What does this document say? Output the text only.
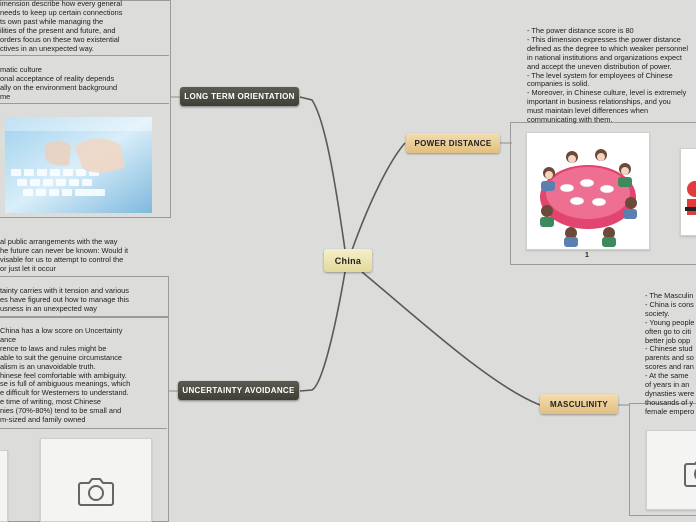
imension describe how every general
needs to keep up certain connections
ts own past while managing the
ilities of the present and future, and
orders focus on these two existential
ctives in an unexpected way.
matic culture
onal acceptance of reality depends
ally on the environment background
me
al public arrangements with the way
he future can never be known: Would it
visable for us to attempt to control the
or just let it occur
tainty carries with it tension and various
es have figured out how to manage this
usness in an unexpected way
China has a low score on Uncertainty
ance
rence to laws and rules might be
able to suit the genuine circumstance
alism is an unavoidable truth.
hinese feel comfortable with ambiguity.
se is full of ambiguous meanings, which
e difficult for Westerners to understand.
e time of writing, most Chinese
nies (70%-80%) tend to be small and
m-sized and family owned
- The power distance score is 80
- This dimension expresses the power distance
defined as the degree to which weaker personnel
in national institutions and organizations expect
and accept the uneven distribution of power.
- The level system for employees of Chinese
companies is solid.
- Moreover, in Chinese culture, level is extremely
important in business relationships, and you
must maintain level differences when
communicating with them.
1
- The Masculin
- China is cons
society.
- Young people
often go to citi
better job opp
- Chinese stud
parents and so
scores and ran
- At the same
of years in an
dynasties were
thousands of y
female empero
China
LONG TERM ORIENTATION
UNCERTAINTY AVOIDANCE
POWER DISTANCE
MASCULINITY
